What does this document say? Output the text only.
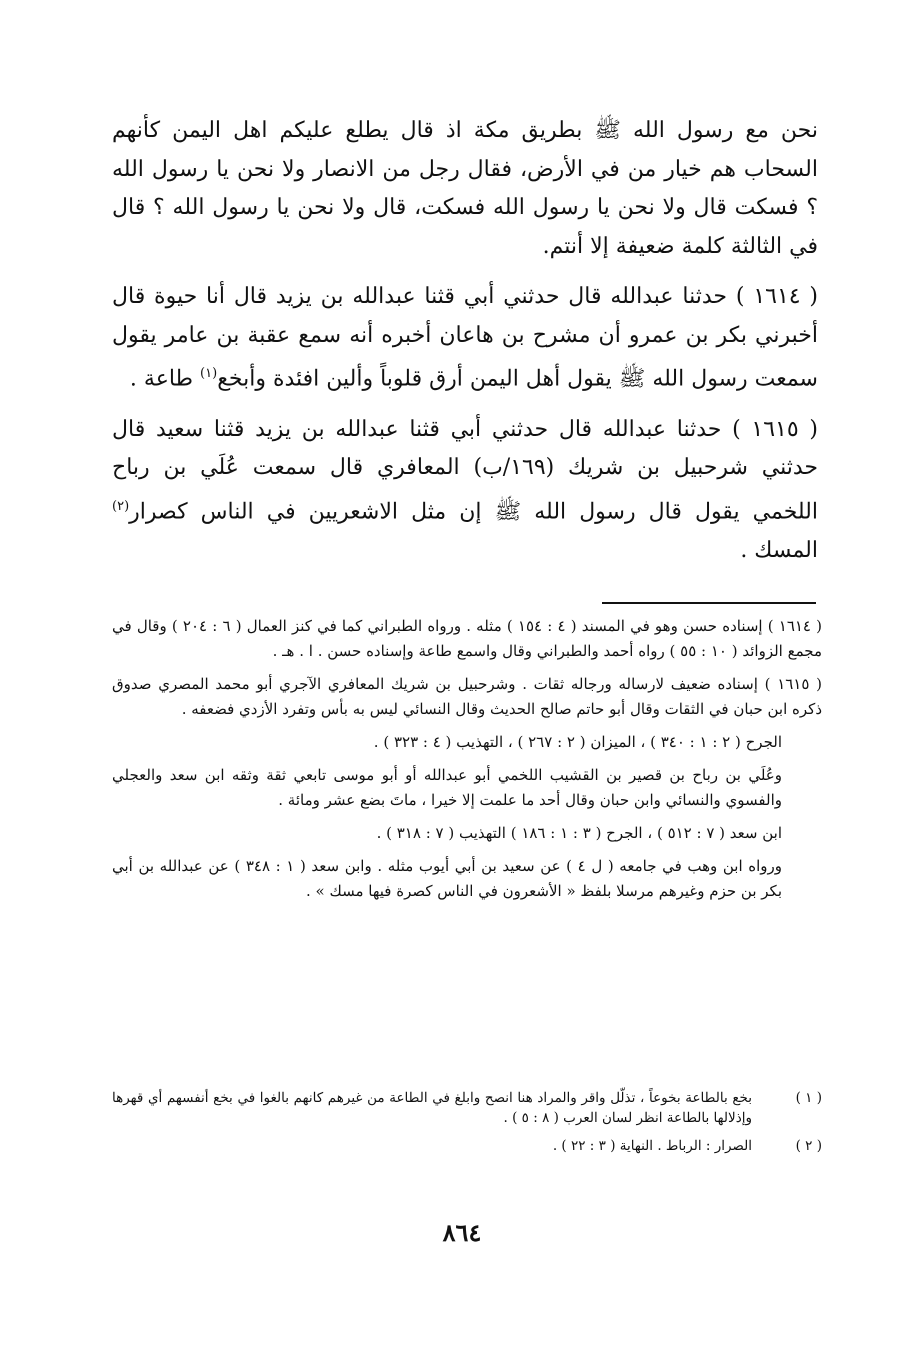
نحن مع رسول الله ﷺ بطريق مكة اذ قال يطلع عليكم اهل اليمن كأنهم السحاب هم خيار من في الأرض، فقال رجل من الانصار ولا نحن يا رسول الله ؟ فسكت قال ولا نحن يا رسول الله فسكت، قال ولا نحن يا رسول الله ؟ قال في الثالثة كلمة ضعيفة إلا أنتم.

( ١٦١٤ ) حدثنا عبدالله قال حدثني أبي قثنا عبدالله بن يزيد قال أنا حيوة قال أخبرني بكر بن عمرو أن مشرح بن هاعان أخبره أنه سمع عقبة بن عامر يقول سمعت رسول الله ﷺ يقول أهل اليمن أرق قلوباً وألين افئدة وأبخع$^{(١)}$ طاعة .

( ١٦١٥ ) حدثنا عبدالله قال حدثني أبي قثنا عبدالله بن يزيد قثنا سعيد قال حدثني شرحبيل بن شريك (١٦٩/ب) المعافري قال سمعت عُلَي بن رباح اللخمي يقول قال رسول الله ﷺ إن مثل الاشعريين في الناس كصرار$^{(٢)}$ المسك .

( ١٦١٤ ) إسناده حسن وهو في المسند ( ٤ : ١٥٤ ) مثله . ورواه الطبراني كما في كنز العمال ( ٦ : ٢٠٤ ) وقال في مجمع الزوائد ( ١٠ : ٥٥ ) رواه أحمد والطبراني وقال واسمع طاعة وإسناده حسن . ا . هـ .

( ١٦١٥ ) إسناده ضعيف لارساله ورجاله ثقات . وشرحبيل بن شريك المعافري الآجري أبو محمد المصري صدوق ذكره ابن حبان في الثقات وقال أبو حاتم صالح الحديث وقال النسائي ليس به بأس وتفرد الأزدي فضعفه .

الجرح ( ٢ : ١ : ٣٤٠ ) ، الميزان ( ٢ : ٢٦٧ ) ، التهذيب ( ٤ : ٣٢٣ ) .

وعُلَي بن رباح بن قصير بن القشيب اللخمي أبو عبدالله أو أبو موسى تابعي ثقة وثقه ابن سعد والعجلي والفسوي والنسائي وابن حبان وقال أحد ما علمت إلا خيرا ، ماتَ بضع عشر ومائة .

ابن سعد ( ٧ : ٥١٢ ) ، الجرح ( ٣ : ١ : ١٨٦ ) التهذيب ( ٧ : ٣١٨ ) .

ورواه ابن وهب في جامعه ( ل ٤ ) عن سعيد بن أبي أيوب مثله . وابن سعد ( ١ : ٣٤٨ ) عن عبدالله بن أبي بكر بن حزم وغيرهم مرسلا بلفظ « الأشعرون في الناس كصرة فيها مسك » .

( ١ )
بخع بالطاعة بخوعاً ، تذلّل واقر والمراد هنا انصح وابلغ في الطاعة من غيرهم كانهم بالغوا في بخع أنفسهم أي قهرها وإذلالها بالطاعة انظر لسان العرب ( ٨ : ٥ ) .
( ٢ )
الصرار : الرباط . النهاية ( ٣ : ٢٢ ) .
٨٦٤
